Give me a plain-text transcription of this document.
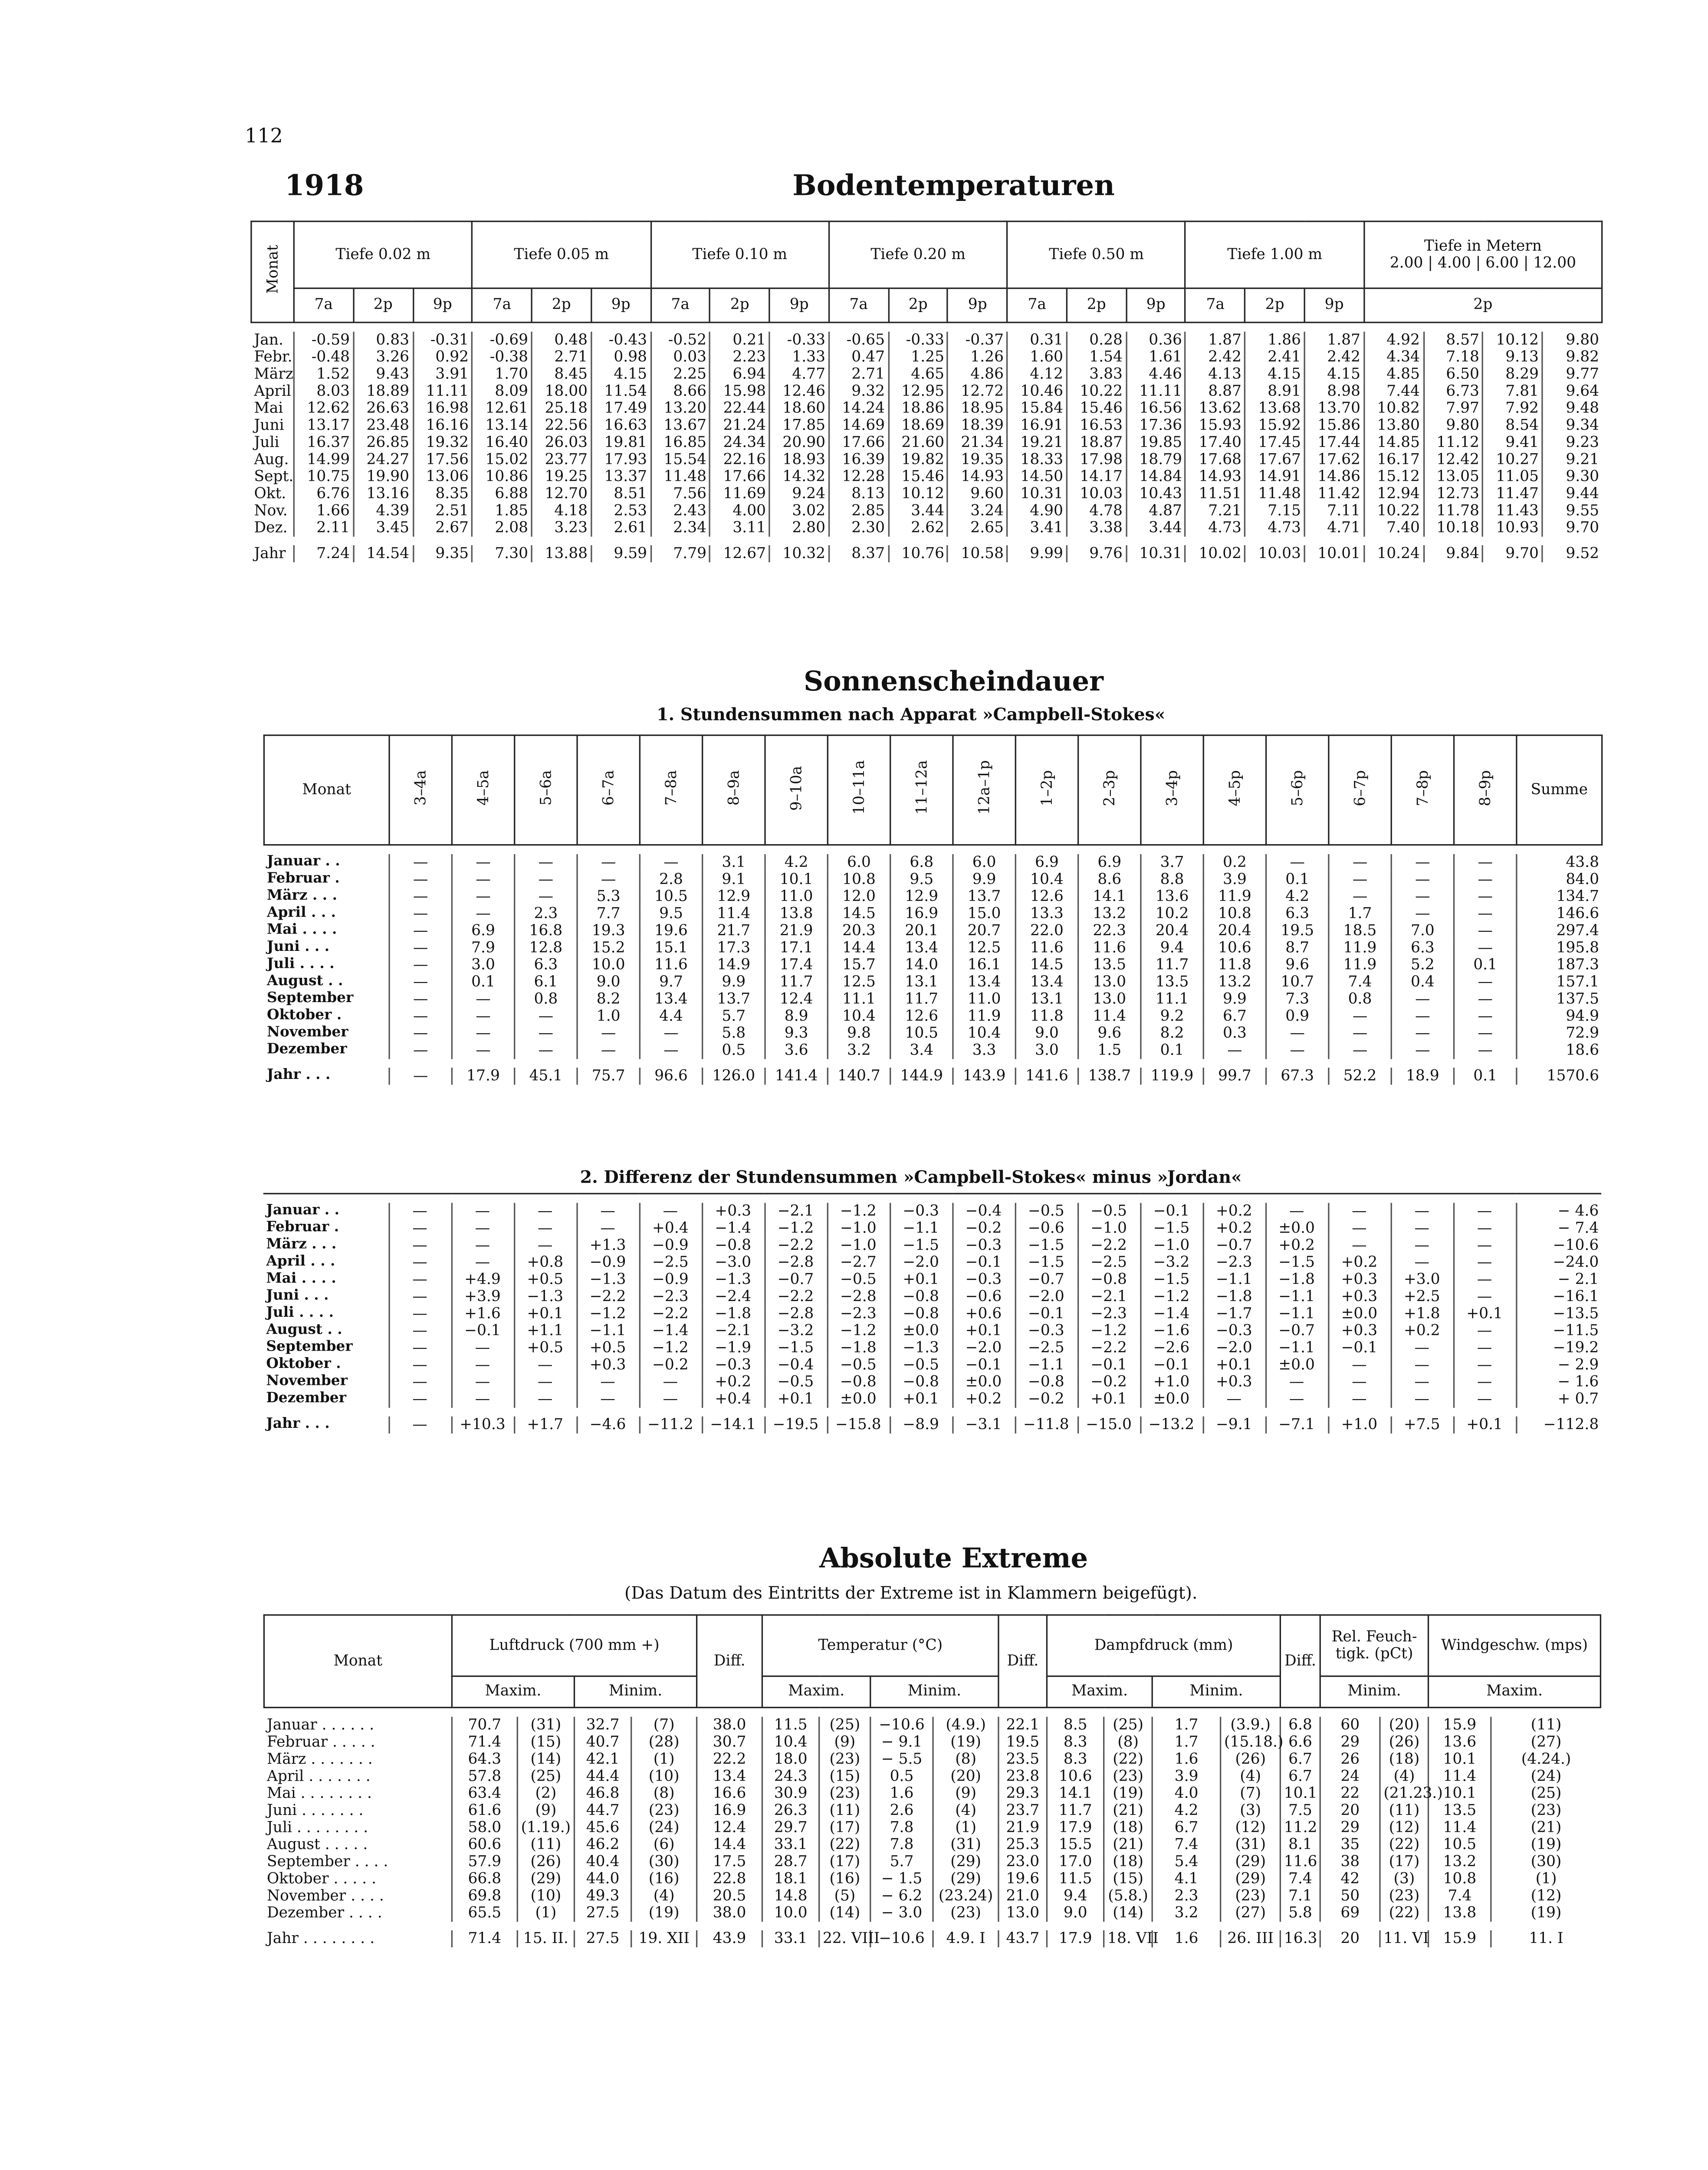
112
1918	Bodentemperaturen
Monat	Tiefe 0.02 m			Tiefe 0.05 m			Tiefe 0.10 m			Tiefe 0.20 m			Tiefe 0.50 m			Tiefe 1.00 m			Tiefe in Metern
2.00 | 4.00 | 6.00 | 12.00			

	7a	2p	9p	7a	2p	9p	7a	2p	9p	7a	2p	9p	7a	2p	9p	7a	2p	9p	2p			

Jan.	-0.59	0.83	-0.31	-0.69	0.48	-0.43	-0.52	0.21	-0.33	-0.65	-0.33	-0.37	0.31	0.28	0.36	1.87	1.86	1.87	4.92	8.57	10.12	9.80
Febr.	-0.48	3.26	0.92	-0.38	2.71	0.98	0.03	2.23	1.33	0.47	1.25	1.26	1.60	1.54	1.61	2.42	2.41	2.42	4.34	7.18	9.13	9.82
März	1.52	9.43	3.91	1.70	8.45	4.15	2.25	6.94	4.77	2.71	4.65	4.86	4.12	3.83	4.46	4.13	4.15	4.15	4.85	6.50	8.29	9.77
April	8.03	18.89	11.11	8.09	18.00	11.54	8.66	15.98	12.46	9.32	12.95	12.72	10.46	10.22	11.11	8.87	8.91	8.98	7.44	6.73	7.81	9.64
Mai	12.62	26.63	16.98	12.61	25.18	17.49	13.20	22.44	18.60	14.24	18.86	18.95	15.84	15.46	16.56	13.62	13.68	13.70	10.82	7.97	7.92	9.48
Juni	13.17	23.48	16.16	13.14	22.56	16.63	13.67	21.24	17.85	14.69	18.69	18.39	16.91	16.53	17.36	15.93	15.92	15.86	13.80	9.80	8.54	9.34
Juli	16.37	26.85	19.32	16.40	26.03	19.81	16.85	24.34	20.90	17.66	21.60	21.34	19.21	18.87	19.85	17.40	17.45	17.44	14.85	11.12	9.41	9.23
Aug.	14.99	24.27	17.56	15.02	23.77	17.93	15.54	22.16	18.93	16.39	19.82	19.35	18.33	17.98	18.79	17.68	17.67	17.62	16.17	12.42	10.27	9.21
Sept.	10.75	19.90	13.06	10.86	19.25	13.37	11.48	17.66	14.32	12.28	15.46	14.93	14.50	14.17	14.84	14.93	14.91	14.86	15.12	13.05	11.05	9.30
Okt.	6.76	13.16	8.35	6.88	12.70	8.51	7.56	11.69	9.24	8.13	10.12	9.60	10.31	10.03	10.43	11.51	11.48	11.42	12.94	12.73	11.47	9.44
Nov.	1.66	4.39	2.51	1.85	4.18	2.53	2.43	4.00	3.02	2.85	3.44	3.24	4.90	4.78	4.87	7.21	7.15	7.11	10.22	11.78	11.43	9.55
Dez.	2.11	3.45	2.67	2.08	3.23	2.61	2.34	3.11	2.80	2.30	2.62	2.65	3.41	3.38	3.44	4.73	4.73	4.71	7.40	10.18	10.93	9.70

Jahr	7.24	14.54	9.35	7.30	13.88	9.59	7.79	12.67	10.32	8.37	10.76	10.58	9.99	9.76	10.31	10.02	10.03	10.01	10.24	9.84	9.70	9.52
Sonnenscheindauer
1. Stundensummen nach Apparat »Campbell-Stokes«
Monat	3–4a	4–5a	5–6a	6–7a	7–8a	8–9a	9–10a	10–11a	11–12a	12a–1p	1–2p	2–3p	3–4p	4–5p	5–6p	6–7p	7–8p	8–9p	Summe

Januar . .	—	—	—	—	—	3.1	4.2	6.0	6.8	6.0	6.9	6.9	3.7	0.2	—	—	—	—	43.8
Februar .	—	—	—	—	2.8	9.1	10.1	10.8	9.5	9.9	10.4	8.6	8.8	3.9	0.1	—	—	—	84.0
März . . .	—	—	—	5.3	10.5	12.9	11.0	12.0	12.9	13.7	12.6	14.1	13.6	11.9	4.2	—	—	—	134.7
April . . .	—	—	2.3	7.7	9.5	11.4	13.8	14.5	16.9	15.0	13.3	13.2	10.2	10.8	6.3	1.7	—	—	146.6
Mai . . . .	—	6.9	16.8	19.3	19.6	21.7	21.9	20.3	20.1	20.7	22.0	22.3	20.4	20.4	19.5	18.5	7.0	—	297.4
Juni . . .	—	7.9	12.8	15.2	15.1	17.3	17.1	14.4	13.4	12.5	11.6	11.6	9.4	10.6	8.7	11.9	6.3	—	195.8
Juli . . . .	—	3.0	6.3	10.0	11.6	14.9	17.4	15.7	14.0	16.1	14.5	13.5	11.7	11.8	9.6	11.9	5.2	0.1	187.3
August . .	—	0.1	6.1	9.0	9.7	9.9	11.7	12.5	13.1	13.4	13.4	13.0	13.5	13.2	10.7	7.4	0.4	—	157.1
September	—	—	0.8	8.2	13.4	13.7	12.4	11.1	11.7	11.0	13.1	13.0	11.1	9.9	7.3	0.8	—	—	137.5
Oktober .	—	—	—	1.0	4.4	5.7	8.9	10.4	12.6	11.9	11.8	11.4	9.2	6.7	0.9	—	—	—	94.9
November	—	—	—	—	—	5.8	9.3	9.8	10.5	10.4	9.0	9.6	8.2	0.3	—	—	—	—	72.9
Dezember	—	—	—	—	—	0.5	3.6	3.2	3.4	3.3	3.0	1.5	0.1	—	—	—	—	—	18.6

Jahr . . .	—	17.9	45.1	75.7	96.6	126.0	141.4	140.7	144.9	143.9	141.6	138.7	119.9	99.7	67.3	52.2	18.9	0.1	1570.6
2. Differenz der Stundensummen »Campbell-Stokes« minus »Jordan«

Januar . .	—	—	—	—	—	+0.3	−2.1	−1.2	−0.3	−0.4	−0.5	−0.5	−0.1	+0.2	—	—	—	—	− 4.6
Februar .	—	—	—	—	+0.4	−1.4	−1.2	−1.0	−1.1	−0.2	−0.6	−1.0	−1.5	+0.2	±0.0	—	—	—	− 7.4
März . . .	—	—	—	+1.3	−0.9	−0.8	−2.2	−1.0	−1.5	−0.3	−1.5	−2.2	−1.0	−0.7	+0.2	—	—	—	−10.6
April . . .	—	—	+0.8	−0.9	−2.5	−3.0	−2.8	−2.7	−2.0	−0.1	−1.5	−2.5	−3.2	−2.3	−1.5	+0.2	—	—	−24.0
Mai . . . .	—	+4.9	+0.5	−1.3	−0.9	−1.3	−0.7	−0.5	+0.1	−0.3	−0.7	−0.8	−1.5	−1.1	−1.8	+0.3	+3.0	—	− 2.1
Juni . . .	—	+3.9	−1.3	−2.2	−2.3	−2.4	−2.2	−2.8	−0.8	−0.6	−2.0	−2.1	−1.2	−1.8	−1.1	+0.3	+2.5	—	−16.1
Juli . . . .	—	+1.6	+0.1	−1.2	−2.2	−1.8	−2.8	−2.3	−0.8	+0.6	−0.1	−2.3	−1.4	−1.7	−1.1	±0.0	+1.8	+0.1	−13.5
August . .	—	−0.1	+1.1	−1.1	−1.4	−2.1	−3.2	−1.2	±0.0	+0.1	−0.3	−1.2	−1.6	−0.3	−0.7	+0.3	+0.2	—	−11.5
September	—	—	+0.5	+0.5	−1.2	−1.9	−1.5	−1.8	−1.3	−2.0	−2.5	−2.2	−2.6	−2.0	−1.1	−0.1	—	—	−19.2
Oktober .	—	—	—	+0.3	−0.2	−0.3	−0.4	−0.5	−0.5	−0.1	−1.1	−0.1	−0.1	+0.1	±0.0	—	—	—	− 2.9
November	—	—	—	—	—	+0.2	−0.5	−0.8	−0.8	±0.0	−0.8	−0.2	+1.0	+0.3	—	—	—	—	− 1.6
Dezember	—	—	—	—	—	+0.4	+0.1	±0.0	+0.1	+0.2	−0.2	+0.1	±0.0	—	—	—	—	—	+ 0.7

Jahr . . .	—	+10.3	+1.7	−4.6	−11.2	−14.1	−19.5	−15.8	−8.9	−3.1	−11.8	−15.0	−13.2	−9.1	−7.1	+1.0	+7.5	+0.1	−112.8
Absolute Extreme
(Das Datum des Eintritts der Extreme ist in Klammern beigefügt).
Monat	Luftdruck (700 mm +)				Diff.	Temperatur (°C)				Diff.	Dampfdruck (mm)				Diff.	Rel. Feuch-tigk. (pCt)		Windgeschw. (mps)	
	Maxim.		Minim.			Maxim.		Minim.			Maxim.		Minim.			Minim.		Maxim.	

Januar . . . . . .	70.7	(31)	32.7	(7)	38.0	11.5	(25)	−10.6	(4.9.)	22.1	8.5	(25)	1.7	(3.9.)	6.8	60	(20)	15.9	(11)
Februar . . . . .	71.4	(15)	40.7	(28)	30.7	10.4	(9)	− 9.1	(19)	19.5	8.3	(8)	1.7	(15.18.)	6.6	29	(26)	13.6	(27)
März . . . . . . .	64.3	(14)	42.1	(1)	22.2	18.0	(23)	− 5.5	(8)	23.5	8.3	(22)	1.6	(26)	6.7	26	(18)	10.1	(4.24.)
April . . . . . . .	57.8	(25)	44.4	(10)	13.4	24.3	(15)	0.5	(20)	23.8	10.6	(23)	3.9	(4)	6.7	24	(4)	11.4	(24)
Mai . . . . . . . .	63.4	(2)	46.8	(8)	16.6	30.9	(23)	1.6	(9)	29.3	14.1	(19)	4.0	(7)	10.1	22	(21.23.)	10.1	(25)
Juni . . . . . . .	61.6	(9)	44.7	(23)	16.9	26.3	(11)	2.6	(4)	23.7	11.7	(21)	4.2	(3)	7.5	20	(11)	13.5	(23)
Juli . . . . . . . .	58.0	(1.19.)	45.6	(24)	12.4	29.7	(17)	7.8	(1)	21.9	17.9	(18)	6.7	(12)	11.2	29	(12)	11.4	(21)
August . . . . .	60.6	(11)	46.2	(6)	14.4	33.1	(22)	7.8	(31)	25.3	15.5	(21)	7.4	(31)	8.1	35	(22)	10.5	(19)
September . . . .	57.9	(26)	40.4	(30)	17.5	28.7	(17)	5.7	(29)	23.0	17.0	(18)	5.4	(29)	11.6	38	(17)	13.2	(30)
Oktober . . . . .	66.8	(29)	44.0	(16)	22.8	18.1	(16)	− 1.5	(29)	19.6	11.5	(15)	4.1	(29)	7.4	42	(3)	10.8	(1)
November . . . .	69.8	(10)	49.3	(4)	20.5	14.8	(5)	− 6.2	(23.24)	21.0	9.4	(5.8.)	2.3	(23)	7.1	50	(23)	7.4	(12)
Dezember . . . .	65.5	(1)	27.5	(19)	38.0	10.0	(14)	− 3.0	(23)	13.0	9.0	(14)	3.2	(27)	5.8	69	(22)	13.8	(19)

Jahr . . . . . . . .	71.4	15. II.	27.5	19. XII	43.9	33.1	22. VIII	−10.6	4.9. I	43.7	17.9	18. VII	1.6	26. III	16.3	20	11. VI	15.9	11. I
